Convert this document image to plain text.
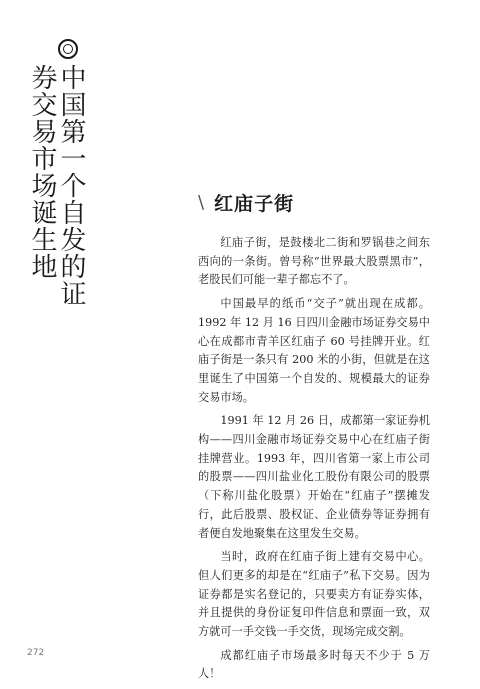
中国第一个自发的证
券交易市场诞生地	\ 红庙子街

红庙子街，是鼓楼北二街和罗锅巷之间东西向的一条街。曾号称“世界最大股票黑市”，老股民们可能一辈子都忘不了。

中国最早的纸币“交子”就出现在成都。1992 年 12 月 16 日四川金融市场证券交易中心在成都市青羊区红庙子 60 号挂牌开业。红庙子街是一条只有 200 米的小街，但就是在这里诞生了中国第一个自发的、规模最大的证券交易市场。

1991 年 12 月 26 日，成都第一家证券机构——四川金融市场证券交易中心在红庙子街挂牌营业。1993 年，四川省第一家上市公司的股票——四川盐业化工股份有限公司的股票（下称川盐化股票）开始在“红庙子”摆摊发行，此后股票、股权证、企业债券等证券拥有者便自发地聚集在这里发生交易。

当时，政府在红庙子街上建有交易中心。但人们更多的却是在“红庙子”私下交易。因为证券都是实名登记的，只要卖方有证券实体，并且提供的身份证复印件信息和票面一致，双方就可一手交钱一手交货，现场完成交割。

成都红庙子市场最多时每天不少于 5 万人！

272
